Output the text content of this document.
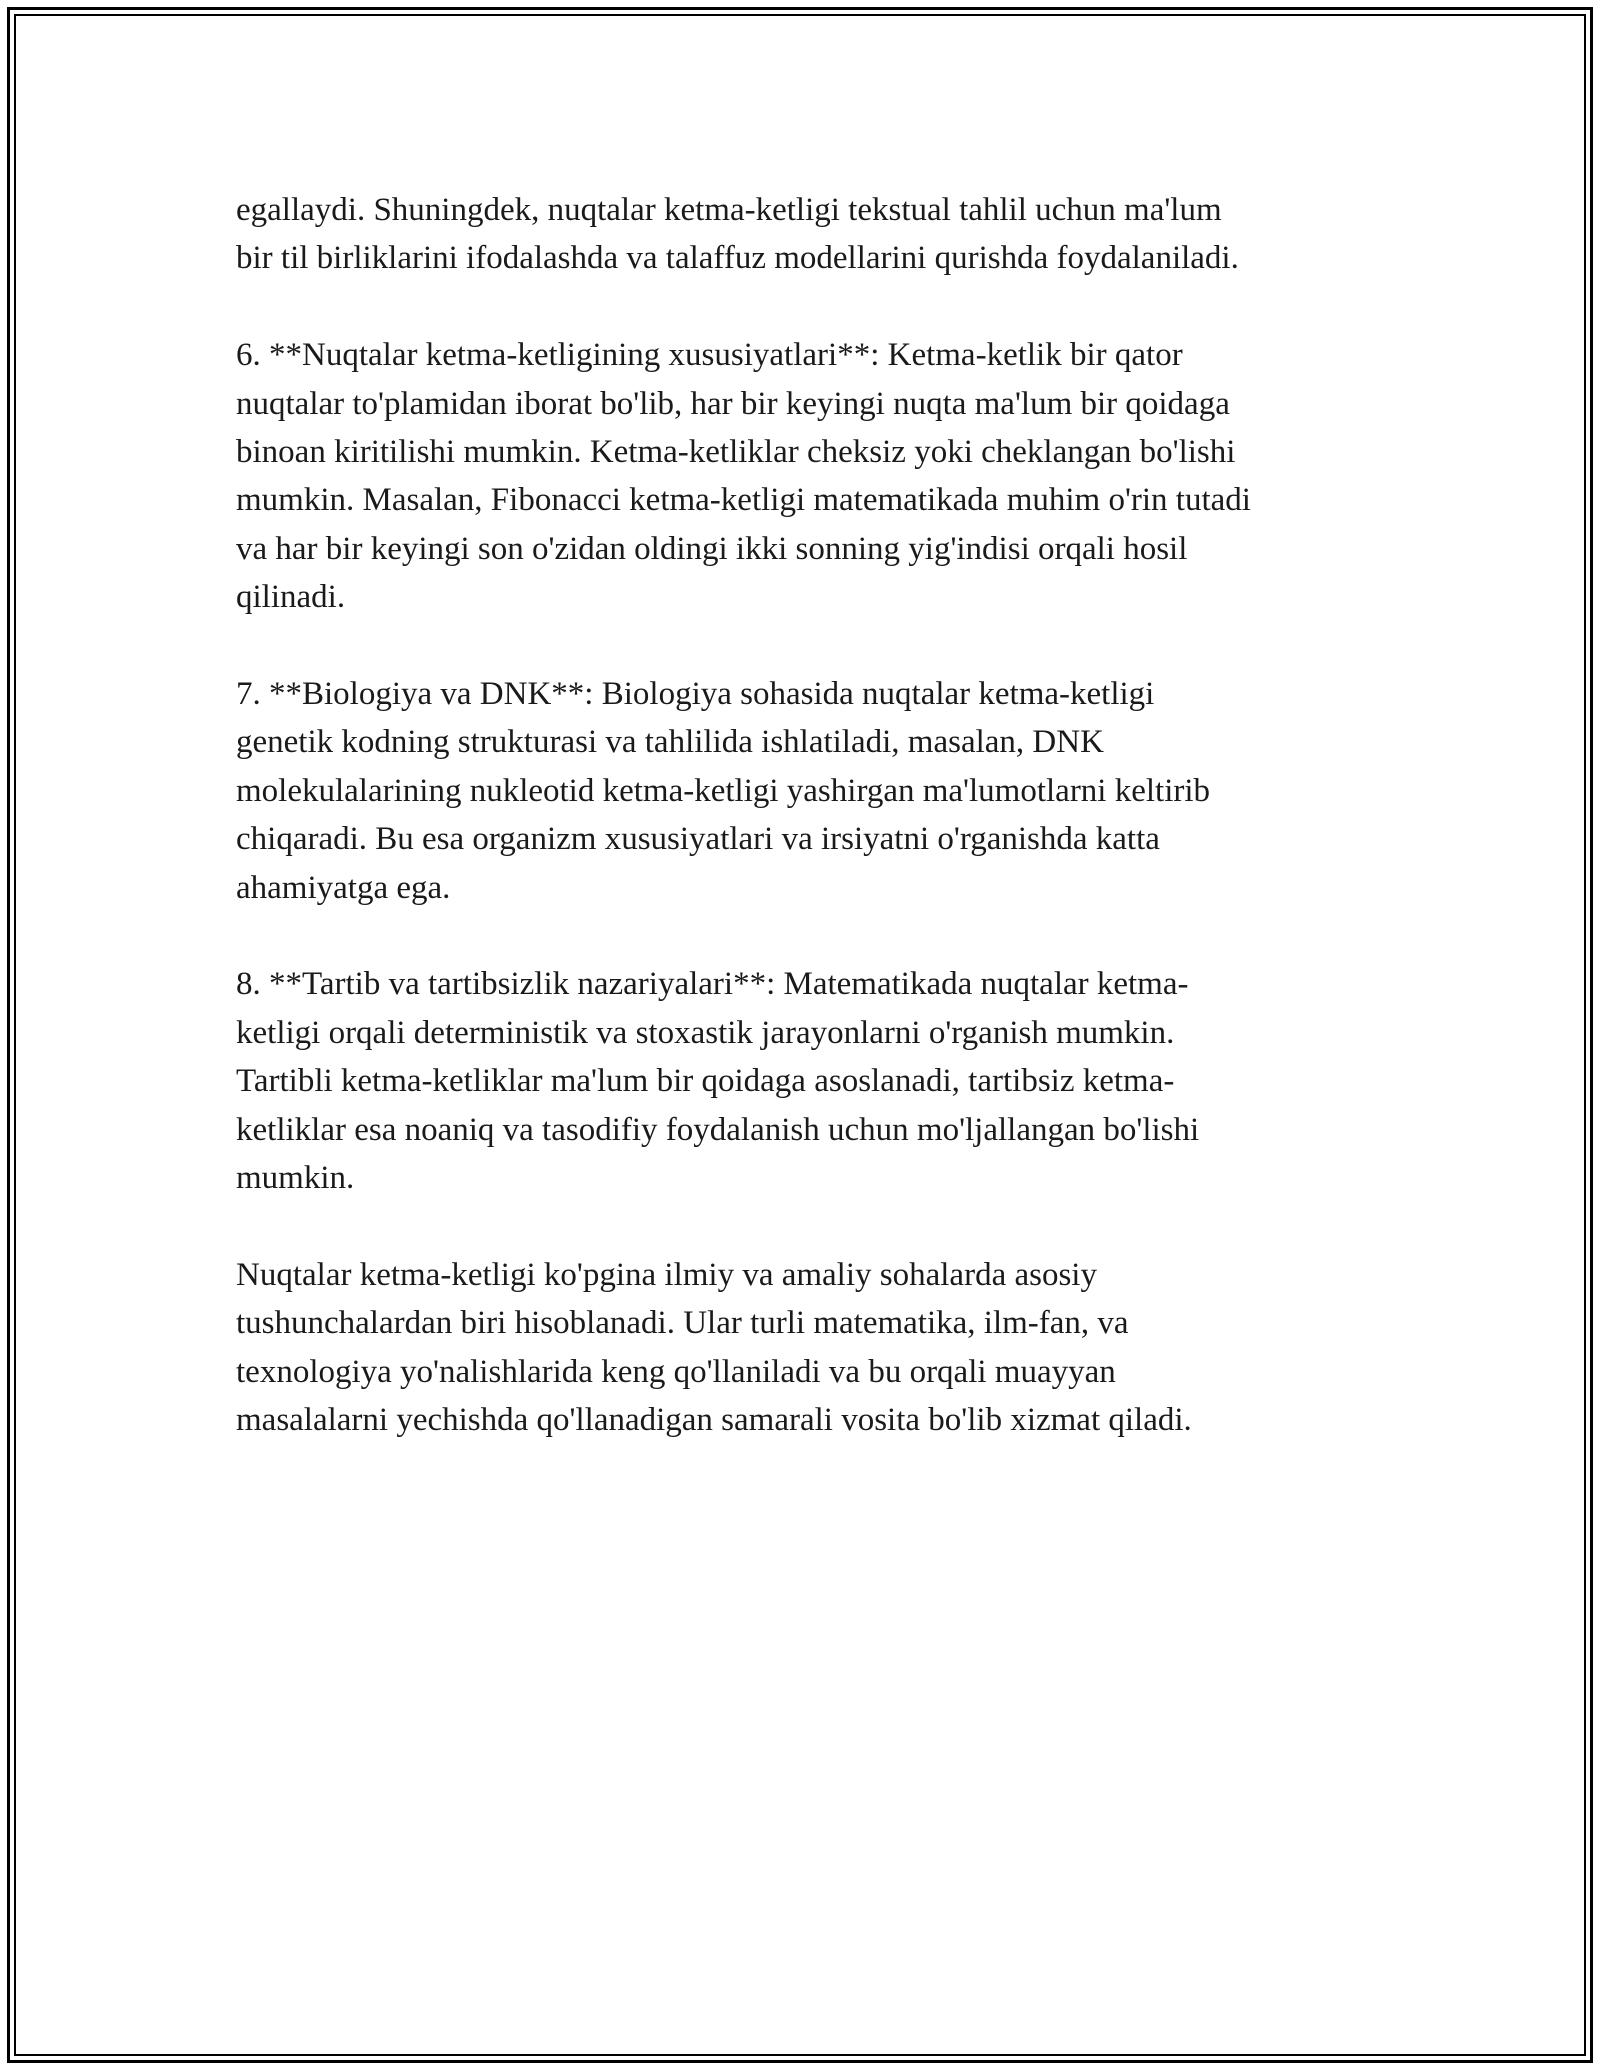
egallaydi. Shuningdek, nuqtalar ketma-ketligi tekstual tahlil uchun ma'lum
bir til birliklarini ifodalashda va talaffuz modellarini qurishda foydalaniladi.

6. **Nuqtalar ketma-ketligining xususiyatlari**: Ketma-ketlik bir qator
nuqtalar to'plamidan iborat bo'lib, har bir keyingi nuqta ma'lum bir qoidaga
binoan kiritilishi mumkin. Ketma-ketliklar cheksiz yoki cheklangan bo'lishi
mumkin. Masalan, Fibonacci ketma-ketligi matematikada muhim o'rin tutadi
va har bir keyingi son o'zidan oldingi ikki sonning yig'indisi orqali hosil
qilinadi.

7. **Biologiya va DNK**: Biologiya sohasida nuqtalar ketma-ketligi
genetik kodning strukturasi va tahlilida ishlatiladi, masalan, DNK
molekulalarining nukleotid ketma-ketligi yashirgan ma'lumotlarni keltirib
chiqaradi. Bu esa organizm xususiyatlari va irsiyatni o'rganishda katta
ahamiyatga ega.

8. **Tartib va tartibsizlik nazariyalari**: Matematikada nuqtalar ketma-
ketligi orqali deterministik va stoxastik jarayonlarni o'rganish mumkin.
Tartibli ketma-ketliklar ma'lum bir qoidaga asoslanadi, tartibsiz ketma-
ketliklar esa noaniq va tasodifiy foydalanish uchun mo'ljallangan bo'lishi
mumkin.

Nuqtalar ketma-ketligi ko'pgina ilmiy va amaliy sohalarda asosiy
tushunchalardan biri hisoblanadi. Ular turli matematika, ilm-fan, va
texnologiya yo'nalishlarida keng qo'llaniladi va bu orqali muayyan
masalalarni yechishda qo'llanadigan samarali vosita bo'lib xizmat qiladi.
